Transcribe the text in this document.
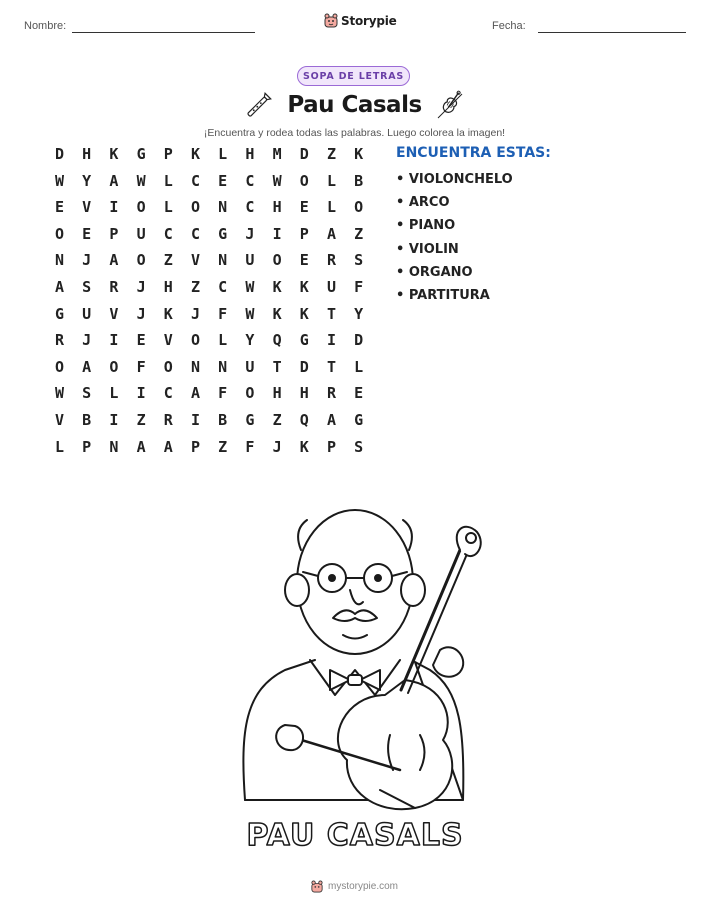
Nombre:	Storypie	Fecha:
SOPA DE LETRAS
Pau Casals
¡Encuentra y rodea todas las palabras. Luego colorea la imagen!
D	H	K	G	P	K	L	H	M	D	Z	K
W	Y	A	W	L	C	E	C	W	O	L	B
E	V	I	O	L	O	N	C	H	E	L	O
O	E	P	U	C	C	G	J	I	P	A	Z
N	J	A	O	Z	V	N	U	O	E	R	S
A	S	R	J	H	Z	C	W	K	K	U	F
G	U	V	J	K	J	F	W	K	K	T	Y
R	J	I	E	V	O	L	Y	Q	G	I	D
O	A	O	F	O	N	N	U	T	D	T	L
W	S	L	I	C	A	F	O	H	H	R	E
V	B	I	Z	R	I	B	G	Z	Q	A	G
L	P	N	A	A	P	Z	F	J	K	P	S
ENCUENTRA ESTAS:
• VIOLONCHELO
• ARCO
• PIANO
• VIOLIN
• ORGANO
• PARTITURA
PAU CASALS
mystorypie.com
